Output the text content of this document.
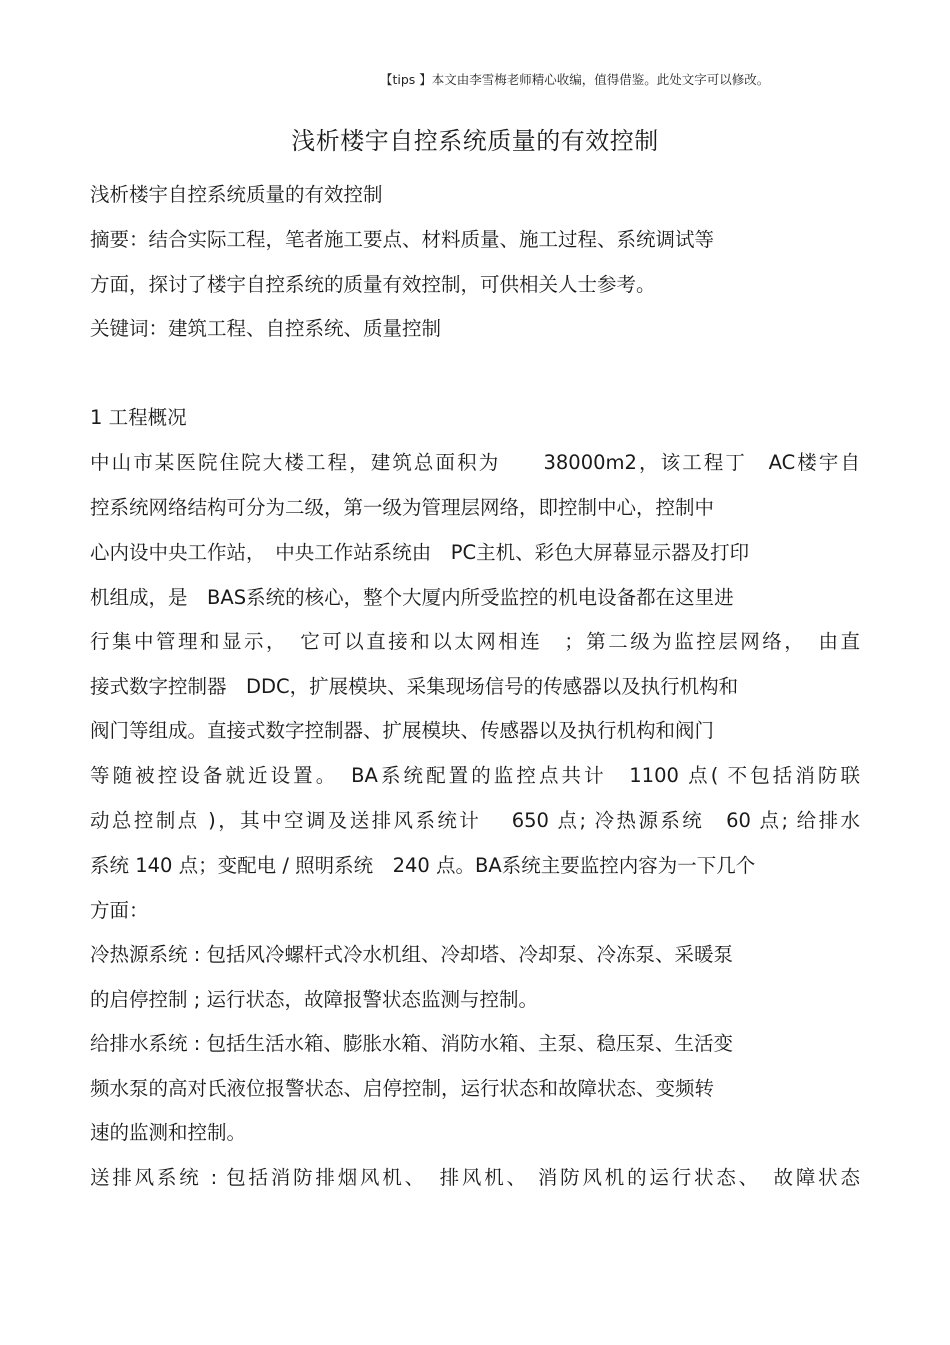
【tips 】本文由李雪梅老师精心收编，值得借鉴。此处文字可以修改。
浅析楼宇自控系统质量的有效控制
浅析楼宇自控系统质量的有效控制
摘要：结合实际工程，笔者施工要点、材料质量、施工过程、系统调试等
方面，探讨了楼宇自控系统的质量有效控制，可供相关人士参考。
关键词：建筑工程、自控系统、质量控制
1 工程概况
中山市某医院住院大楼工程，建筑总面积为　　38000m2，该工程丁　AC楼宇自
控系统网络结构可分为二级，第一级为管理层网络，即控制中心，控制中
心内设中央工作站，　中央工作站系统由　PC主机、彩色大屏幕显示器及打印
机组成，是　BAS系统的核心，整个大厦内所受监控的机电设备都在这里进
行集中管理和显示，　它可以直接和以太网相连　；第二级为监控层网络，　由直
接式数字控制器　DDC，扩展模块、采集现场信号的传感器以及执行机构和
阀门等组成。直接式数字控制器、扩展模块、传感器以及执行机构和阀门
等随被控设备就近设置。　BA系统配置的监控点共计　1100 点( 不包括消防联
动总控制点 )，其中空调及送排风系统计　 650 点; 冷热源系统　60 点; 给排水
系统 140 点；变配电 / 照明系统　240 点。BA系统主要监控内容为一下几个
方面：
冷热源系统 : 包括风冷螺杆式冷水机组、冷却塔、冷却泵、冷冻泵、采暖泵
的启停控制 ; 运行状态，故障报警状态监测与控制。
给排水系统 : 包括生活水箱、膨胀水箱、消防水箱、主泵、稳压泵、生活变
频水泵的高对氏液位报警状态、启停控制，运行状态和故障状态、变频转
速的监测和控制。
送排风系统 : 包括消防排烟风机、　排风机、 消防风机的运行状态、　故障状态
